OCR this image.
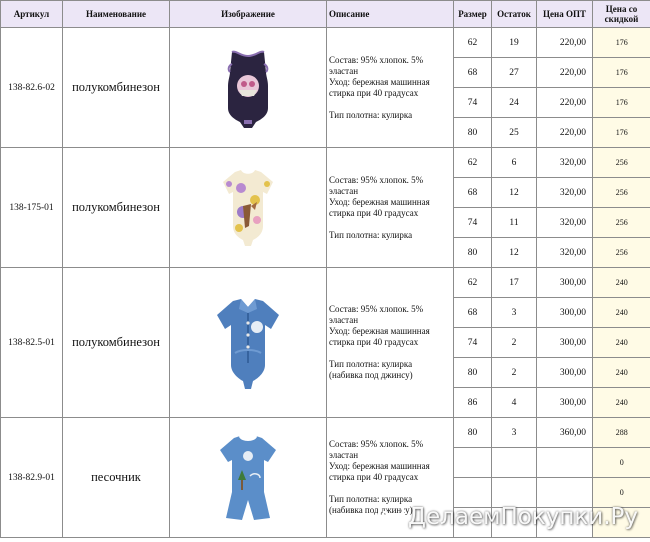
Артикул	Наименование	Изображение	Описание	Размер	Остаток	Цена ОПТ	Цена со скидкой
138-82.6-02	полукомбинезон		Состав: 95% хлопок. 5% эластан

Уход: бережная машинная стирка при 40 градусах

Тип полотна: кулирка	62	19	220,00	176
				68	27	220,00	176
				74	24	220,00	176
				80	25	220,00	176
138-175-01	полукомбинезон		Состав: 95% хлопок. 5% эластан

Уход: бережная машинная стирка при 40 градусах

Тип полотна: кулирка	62	6	320,00	256
				68	12	320,00	256
				74	11	320,00	256
				80	12	320,00	256
138-82.5-01	полукомбинезон		Состав: 95% хлопок. 5% эластан

Уход: бережная машинная стирка при 40 градусах

Тип полотна: кулирка

(набивка под джинсу)	62	17	300,00	240
				68	3	300,00	240
				74	2	300,00	240
				80	2	300,00	240
				86	4	300,00	240
138-82.9-01	песочник		Состав: 95% хлопок. 5% эластан

Уход: бережная машинная стирка при 40 градусах

Тип полотна: кулирка

(набивка под джинсу)	80	3	360,00	288
							0
							0

ДелаемПокупки.Ру
